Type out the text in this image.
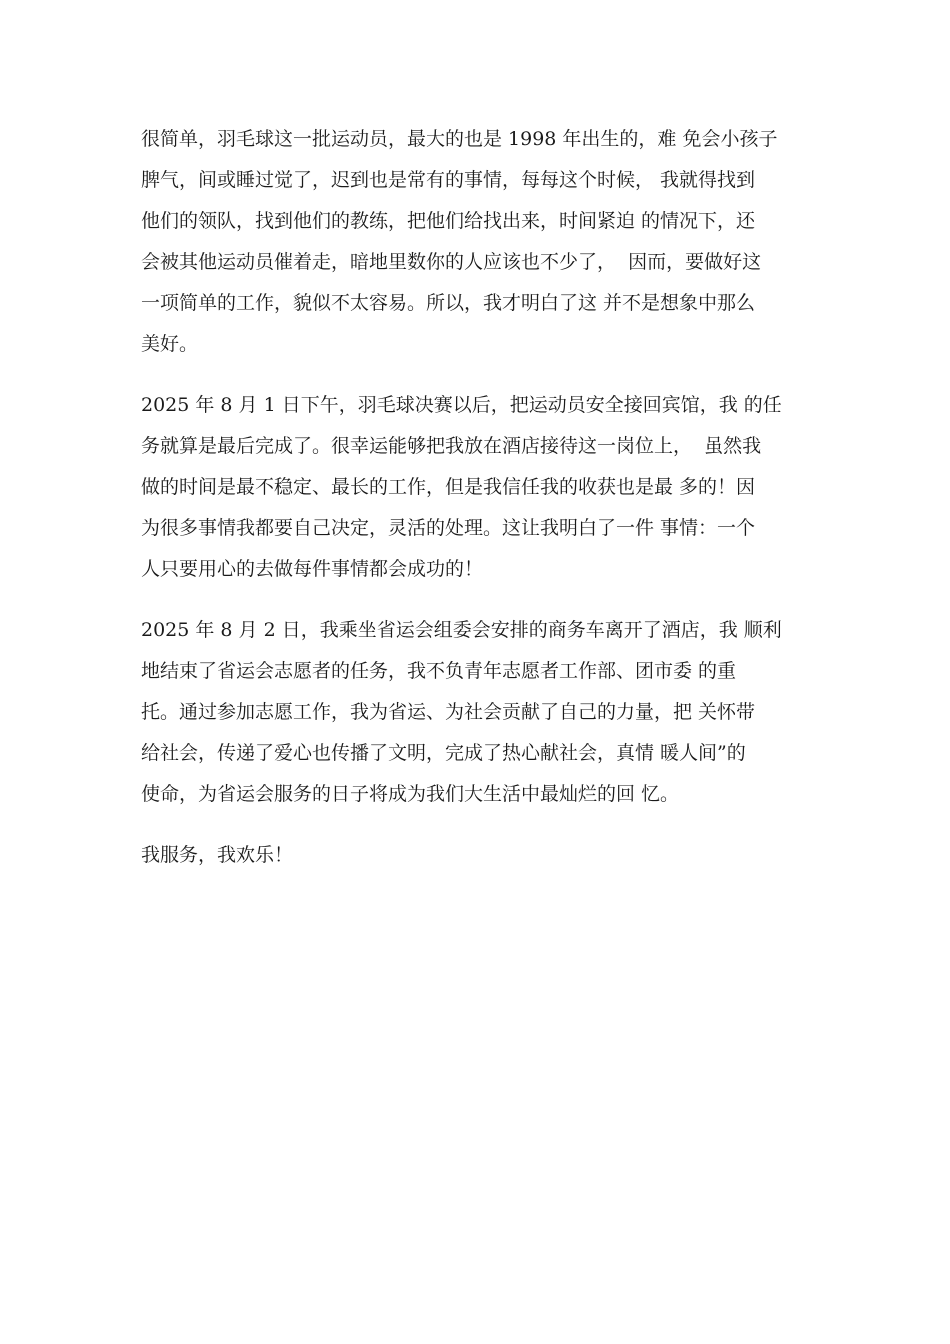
很简单，羽毛球这一批运动员，最大的也是 1998 年出生的，难 免会小孩子
脾气，间或睡过觉了，迟到也是常有的事情，每每这个时候， 我就得找到
他们的领队，找到他们的教练，把他们给找出来，时间紧迫 的情况下，还
会被其他运动员催着走，暗地里数你的人应该也不少了，  因而，要做好这
一项简单的工作，貌似不太容易。所以，我才明白了这 并不是想象中那么
美好。

2025 年 8 月 1 日下午，羽毛球决赛以后，把运动员安全接回宾馆，我 的任
务就算是最后完成了。很幸运能够把我放在酒店接待这一岗位上，  虽然我
做的时间是最不稳定、最长的工作，但是我信任我的收获也是最 多的！因
为很多事情我都要自己决定，灵活的处理。这让我明白了一件 事情：一个
人只要用心的去做每件事情都会成功的！

2025 年 8 月 2 日，我乘坐省运会组委会安排的商务车离开了酒店，我 顺利
地结束了省运会志愿者的任务，我不负青年志愿者工作部、团市委 的重
托。通过参加志愿工作，我为省运、为社会贡献了自己的力量，把 关怀带
给社会，传递了爱心也传播了文明，完成了热心献社会，真情 暖人间”的
使命，为省运会服务的日子将成为我们大生活中最灿烂的回 忆。

我服务，我欢乐！
